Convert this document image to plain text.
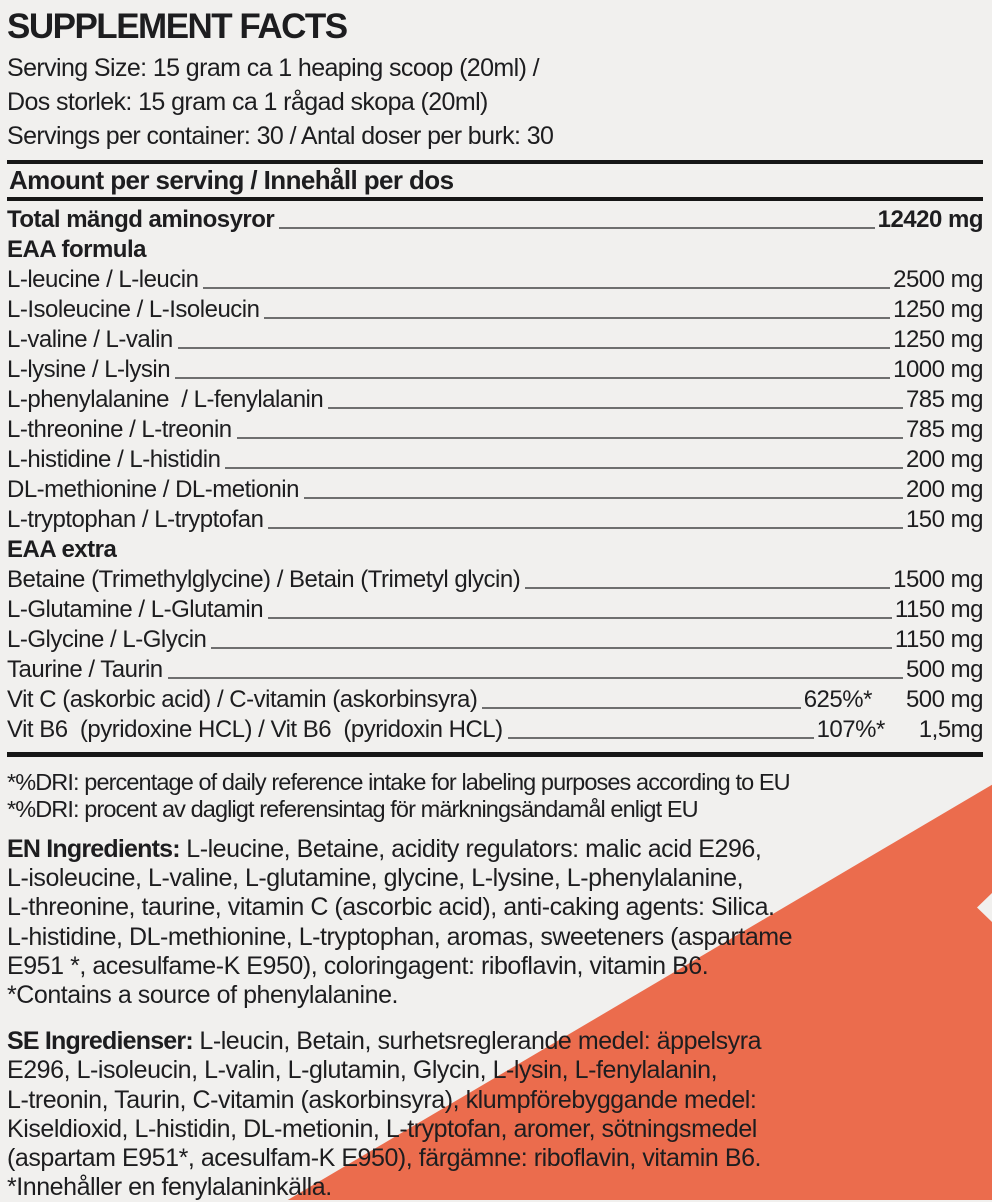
SUPPLEMENT FACTS
Serving Size: 15 gram ca 1 heaping scoop (20ml) /
Dos storlek: 15 gram ca 1 rågad skopa (20ml)
Servings per container: 30 / Antal doser per burk: 30
Amount per serving / Innehåll per dos
Total mängd aminosyror	12420 mg
EAA formula
L-leucine / L-leucin	2500 mg
L-Isoleucine / L-Isoleucin	1250 mg
L-valine / L-valin	1250 mg
L-lysine / L-lysin	1000 mg
L-phenylalanine  / L-fenylalanin	785 mg
L-threonine / L-treonin	785 mg
L-histidine / L-histidin	200 mg
DL-methionine / DL-metionin	200 mg
L-tryptophan / L-tryptofan	150 mg
EAA extra
Betaine (Trimethylglycine) / Betain (Trimetyl glycin)	1500 mg
L-Glutamine / L-Glutamin	1150 mg
L-Glycine / L-Glycin	1150 mg
Taurine / Taurin	500 mg
Vit C (askorbic acid) / C-vitamin (askorbinsyra)	625%* 500 mg
Vit B6  (pyridoxine HCL) / Vit B6  (pyridoxin HCL)	107%* 1,5mg
*%DRI: percentage of daily reference intake for labeling purposes according to EU
*%DRI: procent av dagligt referensintag för märkningsändamål enligt EU
EN Ingredients: L-leucine, Betaine, acidity regulators: malic acid E296,
L-isoleucine, L-valine, L-glutamine, glycine, L-lysine, L-phenylalanine,
L-threonine, taurine, vitamin C (ascorbic acid), anti-caking agents: Silica.
L-histidine, DL-methionine, L-tryptophan, aromas, sweeteners (aspartame
E951 *, acesulfame-K E950), coloringagent: riboflavin, vitamin B6.
*Contains a source of phenylalanine.
SE Ingredienser: L-leucin, Betain, surhetsreglerande medel: äppelsyra
E296, L-isoleucin, L-valin, L-glutamin, Glycin, L-lysin, L-fenylalanin,
L-treonin, Taurin, C-vitamin (askorbinsyra), klumpförebyggande medel:
Kiseldioxid, L-histidin, DL-metionin, L-tryptofan, aromer, sötningsmedel
(aspartam E951*, acesulfam-K E950), färgämne: riboflavin, vitamin B6.
*Innehåller en fenylalaninkälla.
